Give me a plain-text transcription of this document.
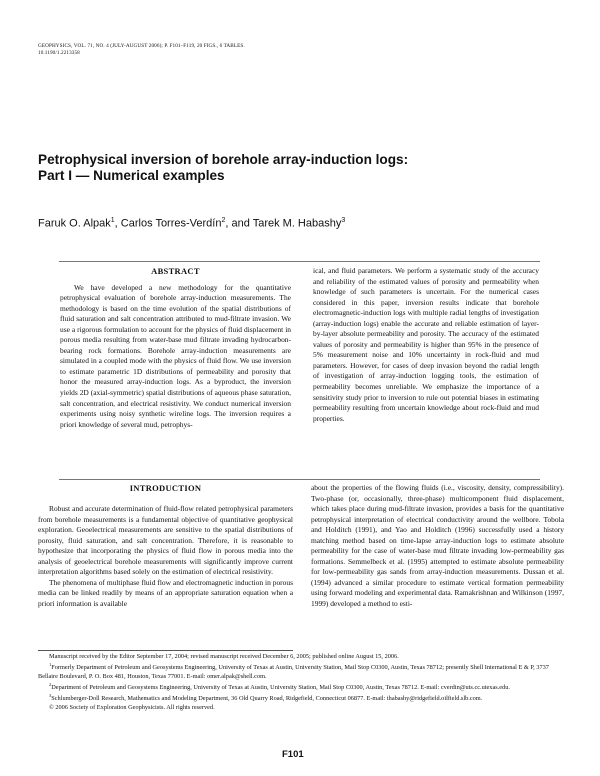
GEOPHYSICS, VOL. 71, NO. 4 (JULY-AUGUST 2006); P. F101–F119, 20 FIGS., 6 TABLES.
10.1190/1.2213358
Petrophysical inversion of borehole array-induction logs:
Part I — Numerical examples
Faruk O. Alpak$^1$, Carlos Torres-Verdín$^2$, and Tarek M. Habashy$^3$
ABSTRACT

We have developed a new methodology for the quantitative petrophysical evaluation of borehole array-induction measurements. The methodology is based on the time evolution of the spatial distributions of fluid saturation and salt concentration attributed to mud-filtrate invasion. We use a rigorous formulation to account for the physics of fluid displacement in porous media resulting from water-base mud filtrate invading hydrocarbon-bearing rock formations. Borehole array-induction measurements are simulated in a coupled mode with the physics of fluid flow. We use inversion to estimate parametric 1D distributions of permeability and porosity that honor the measured array-induction logs. As a byproduct, the inversion yields 2D (axial-symmetric) spatial distributions of aqueous phase saturation, salt concentration, and electrical resistivity. We conduct numerical inversion experiments using noisy synthetic wireline logs. The inversion requires a priori knowledge of several mud, petrophys-

ical, and fluid parameters. We perform a systematic study of the accuracy and reliability of the estimated values of porosity and permeability when knowledge of such parameters is uncertain. For the numerical cases considered in this paper, inversion results indicate that borehole electromagnetic-induction logs with multiple radial lengths of investigation (array-induction logs) enable the accurate and reliable estimation of layer-by-layer absolute permeability and porosity. The accuracy of the estimated values of porosity and permeability is higher than 95% in the presence of 5% measurement noise and 10% uncertainty in rock-fluid and mud parameters. However, for cases of deep invasion beyond the radial length of investigation of array-induction logging tools, the estimation of permeability becomes unreliable. We emphasize the importance of a sensitivity study prior to inversion to rule out potential biases in estimating permeability resulting from uncertain knowledge about rock-fluid and mud properties.

INTRODUCTION

Robust and accurate determination of fluid-flow related petrophysical parameters from borehole measurements is a fundamental objective of quantitative geophysical exploration. Geoelectrical measurements are sensitive to the spatial distributions of porosity, fluid saturation, and salt concentration. Therefore, it is reasonable to hypothesize that incorporating the physics of fluid flow in porous media into the analysis of geoelectrical borehole measurements will significantly improve current interpretation algorithms based solely on the estimation of electrical resistivity.

The phenomena of multiphase fluid flow and electromagnetic induction in porous media can be linked readily by means of an appropriate saturation equation when a priori information is available

about the properties of the flowing fluids (i.e., viscosity, density, compressibility). Two-phase (or, occasionally, three-phase) multicomponent fluid displacement, which takes place during mud-filtrate invasion, provides a basis for the quantitative petrophysical interpretation of electrical conductivity around the wellbore. Tobola and Holditch (1991), and Yao and Holditch (1996) successfully used a history matching method based on time-lapse array-induction logs to estimate absolute permeability for the case of water-base mud filtrate invading low-permeability gas formations. Semmelbeck et al. (1995) attempted to estimate absolute permeability for low-permeability gas sands from array-induction measurements. Dussan et al. (1994) advanced a similar procedure to estimate vertical formation permeability using forward modeling and experimental data. Ramakrishnan and Wilkinson (1997, 1999) developed a method to esti-

Manuscript received by the Editor September 17, 2004; revised manuscript received December 6, 2005; published online August 15, 2006.

$^1$Formerly Department of Petroleum and Geosystems Engineering, University of Texas at Austin, University Station, Mail Stop C0300, Austin, Texas 78712; presently Shell International E & P, 3737 Bellaire Boulevard, P. O. Box 481, Houston, Texas 77001. E-mail: omer.alpak@shell.com.

$^2$Department of Petroleum and Geosystems Engineering, University of Texas at Austin, University Station, Mail Stop C0300, Austin, Texas 78712. E-mail: cverdin@uts.cc.utexas.edu.

$^3$Schlumberger-Doll Research, Mathematics and Modeling Department, 36 Old Quarry Road, Ridgefield, Connecticut 06877. E-mail: thabashy@ridgefield.oilfield.slb.com.

© 2006 Society of Exploration Geophysicists. All rights reserved.

F101
